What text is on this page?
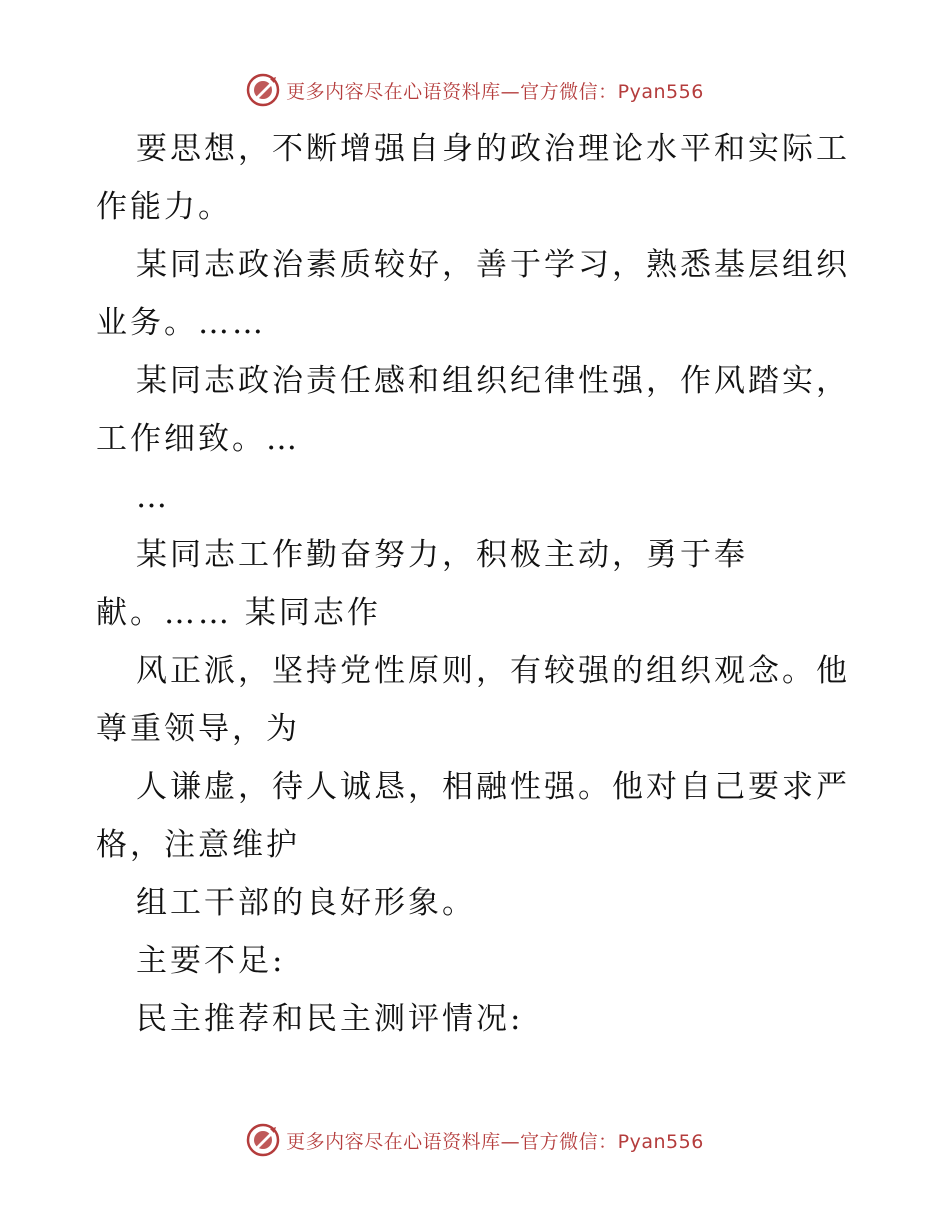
更多内容尽在心语资料库—官方微信：Pyan556

要思想，不断增强自身的政治理论水平和实际工
作能力。
某同志政治素质较好，善于学习，熟悉基层组织
业务。……
某同志政治责任感和组织纪律性强，作风踏实，
工作细致。…
…
某同志工作勤奋努力，积极主动，勇于奉
献。…… 某同志作
风正派，坚持党性原则，有较强的组织观念。他
尊重领导，为
人谦虚，待人诚恳，相融性强。他对自己要求严
格，注意维护
组工干部的良好形象。
主要不足:
民主推荐和民主测评情况:

更多内容尽在心语资料库—官方微信：Pyan556
